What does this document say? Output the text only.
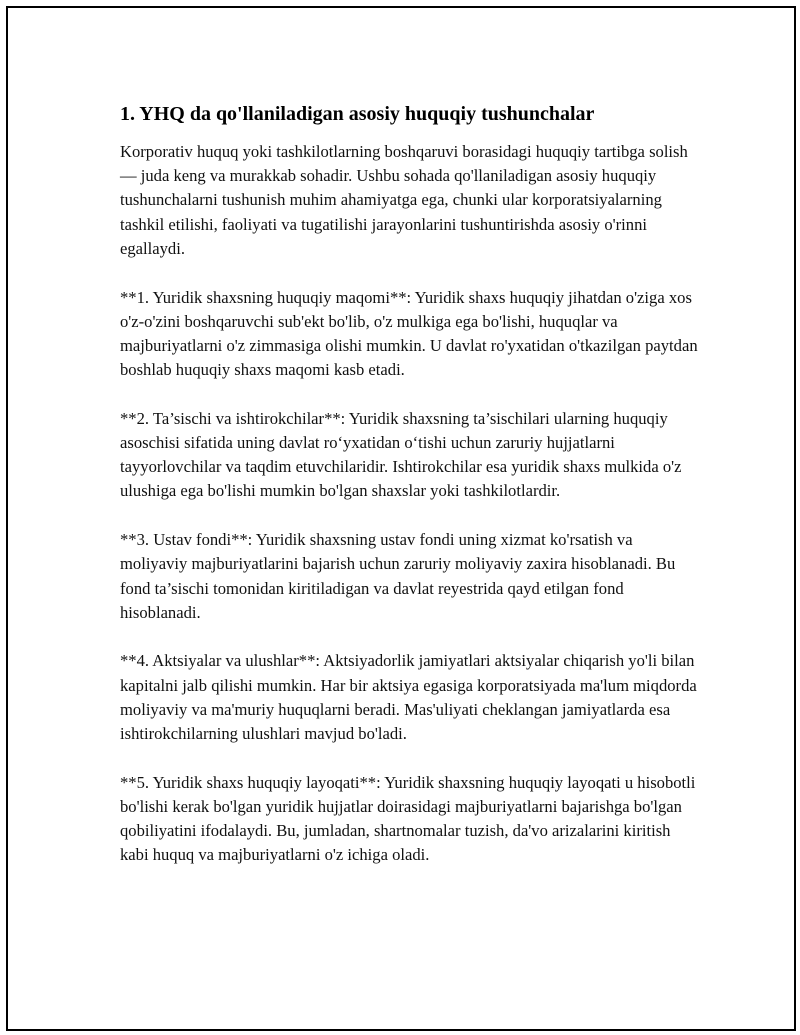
1. YHQ da qo'llaniladigan asosiy huquqiy tushunchalar

Korporativ huquq yoki tashkilotlarning boshqaruvi borasidagi huquqiy tartibga solish — juda keng va murakkab sohadir. Ushbu sohada qo'llaniladigan asosiy huquqiy tushunchalarni tushunish muhim ahamiyatga ega, chunki ular korporatsiyalarning tashkil etilishi, faoliyati va tugatilishi jarayonlarini tushuntirishda asosiy o'rinni egallaydi.

**1. Yuridik shaxsning huquqiy maqomi**: Yuridik shaxs huquqiy jihatdan o'ziga xos o'z-o'zini boshqaruvchi sub'ekt bo'lib, o'z mulkiga ega bo'lishi, huquqlar va majburiyatlarni o'z zimmasiga olishi mumkin. U davlat ro'yxatidan o'tkazilgan paytdan boshlab huquqiy shaxs maqomi kasb etadi.

**2. Ta’sischi va ishtirokchilar**: Yuridik shaxsning ta’sischilari ularning huquqiy asoschisi sifatida uning davlat ro‘yxatidan o‘tishi uchun zaruriy hujjatlarni tayyorlovchilar va taqdim etuvchilaridir. Ishtirokchilar esa yuridik shaxs mulkida o'z ulushiga ega bo'lishi mumkin bo'lgan shaxslar yoki tashkilotlardir.

**3. Ustav fondi**: Yuridik shaxsning ustav fondi uning xizmat ko'rsatish va moliyaviy majburiyatlarini bajarish uchun zaruriy moliyaviy zaxira hisoblanadi. Bu fond ta’sischi tomonidan kiritiladigan va davlat reyestrida qayd etilgan fond hisoblanadi.

**4. Aktsiyalar va ulushlar**: Aktsiyadorlik jamiyatlari aktsiyalar chiqarish yo'li bilan kapitalni jalb qilishi mumkin. Har bir aktsiya egasiga korporatsiyada ma'lum miqdorda moliyaviy va ma'muriy huquqlarni beradi. Mas'uliyati cheklangan jamiyatlarda esa ishtirokchilarning ulushlari mavjud bo'ladi.

**5. Yuridik shaxs huquqiy layoqati**: Yuridik shaxsning huquqiy layoqati u hisobotli bo'lishi kerak bo'lgan yuridik hujjatlar doirasidagi majburiyatlarni bajarishga bo'lgan qobiliyatini ifodalaydi. Bu, jumladan, shartnomalar tuzish, da'vo arizalarini kiritish kabi huquq va majburiyatlarni o'z ichiga oladi.
